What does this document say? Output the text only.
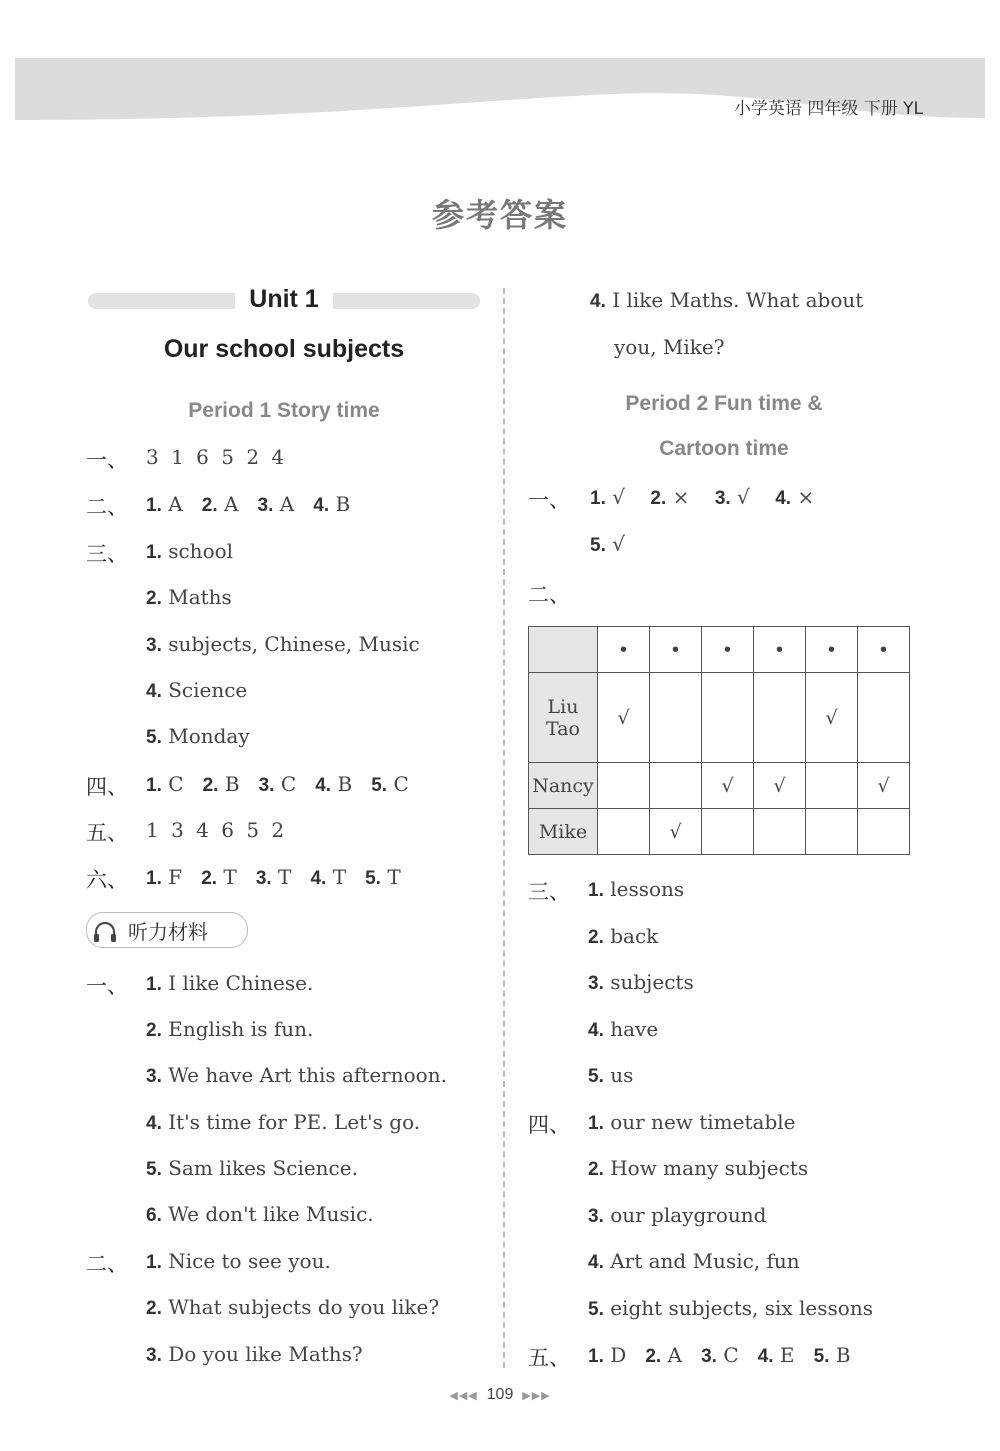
小学英语 四年级 下册 YL
参考答案
Unit 1
Our school subjects
Period 1 Story time
一、 3 1 6 5 2 4
二、 1. A 2. A 3. A 4. B
三、 1. school
2. Maths
3. subjects, Chinese, Music
4. Science
5. Monday
四、 1. C 2. B 3. C 4. B 5. C
五、 1 3 4 6 5 2
六、 1. F 2. T 3. T 4. T 5. T
听力材料
一、 1. I like Chinese.
2. English is fun.
3. We have Art this afternoon.
4. It's time for PE. Let's go.
5. Sam likes Science.
6. We don't like Music.
二、 1. Nice to see you.
2. What subjects do you like?
3. Do you like Maths?
4. I like Maths. What about
you, Mike?
Period 2 Fun time &
Cartoon time
一、 1. √ 2. × 3. √ 4. ×
5. √
二、
	•	•	•	•	•	•
Liu
Tao	√				√	
Nancy			√	√		√
Mike		√				
三、 1. lessons
2. back
3. subjects
4. have
5. us
四、 1. our new timetable
2. How many subjects
3. our playground
4. Art and Music, fun
5. eight subjects, six lessons
五、 1. D 2. A 3. C 4. E 5. B
◀◀◀ 109 ▶▶▶
